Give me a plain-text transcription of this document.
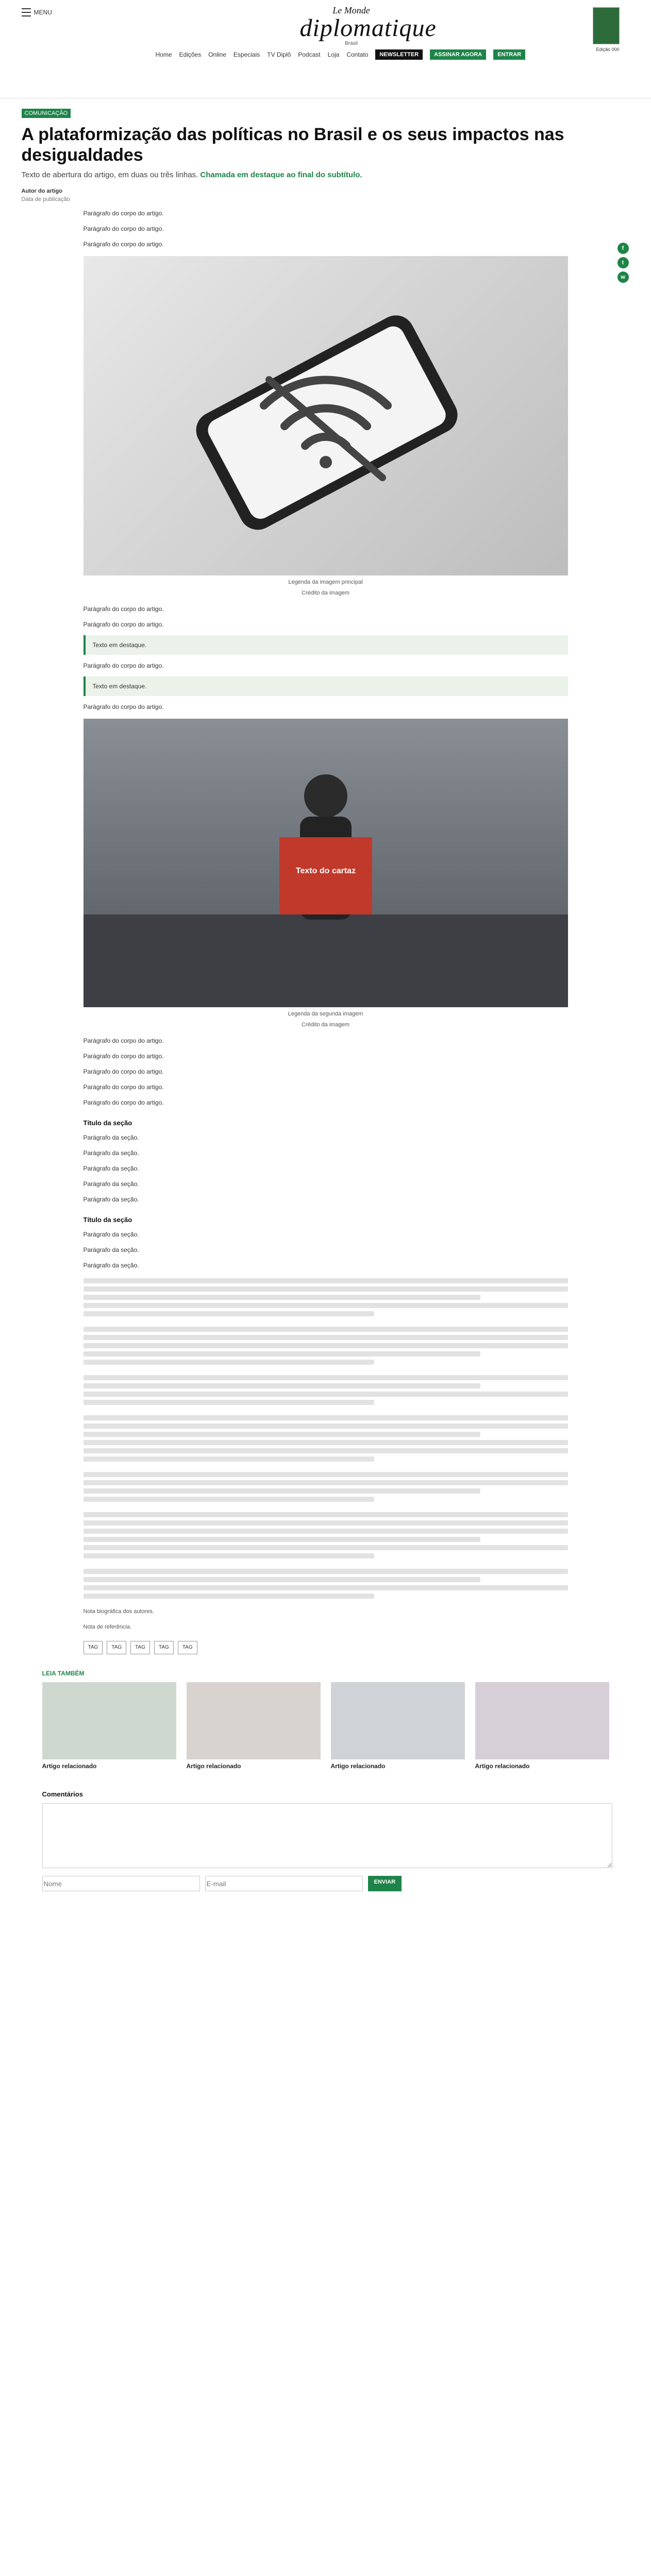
MENU	Le Monde
diplomatique
Brasil
Edição 000
Home Edições Online Especiais TV Diplô Podcast Loja Contato	NEWSLETTER	ASSINAR AGORA	ENTRAR
f
t
w
COMUNICAÇÃO
A plataformização das políticas no Brasil e os seus impactos nas desigualdades

Texto de abertura do artigo, em duas ou três linhas. Chamada em destaque ao final do subtítulo.

Autor do artigo
Data de publicação

Parágrafo do corpo do artigo.

Parágrafo do corpo do artigo.

Parágrafo do corpo do artigo.

Legenda da imagem principal
Crédito da imagem

Parágrafo do corpo do artigo.

Parágrafo do corpo do artigo.

Texto em destaque.

Parágrafo do corpo do artigo.

Texto em destaque.

Parágrafo do corpo do artigo.

Texto do cartaz
Legenda da segunda imagem
Crédito da imagem

Parágrafo do corpo do artigo.

Parágrafo do corpo do artigo.

Parágrafo do corpo do artigo.

Parágrafo do corpo do artigo.

Parágrafo do corpo do artigo.

Título da seção

Parágrafo da seção.

Parágrafo da seção.

Parágrafo da seção.

Parágrafo da seção.

Parágrafo da seção.

Título da seção

Parágrafo da seção.

Parágrafo da seção.

Parágrafo da seção.

Nota biográfica dos autores.

Nota de referência.

TAG	TAG	TAG	TAG	TAG
LEIA TAMBÉM
Artigo relacionado	Artigo relacionado	Artigo relacionado	Artigo relacionado
Comentários
Nome
E-mail
ENVIAR
